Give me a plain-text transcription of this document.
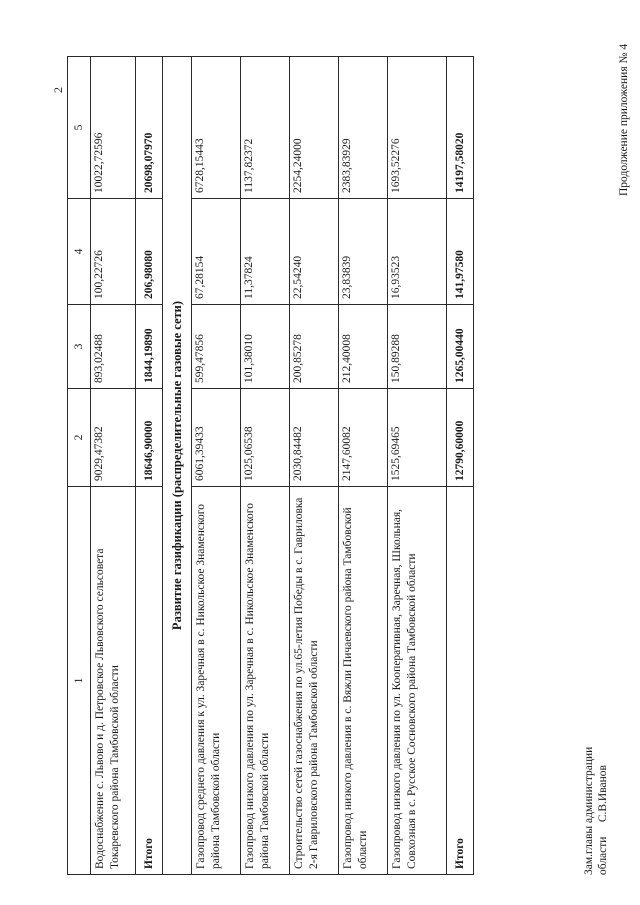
2
1	2	3	4	5
Водоснабжение с. Львово и д. Петровское Львовского сельсовета Токаревского района Тамбовской области	9029,47382	893,02488	100,22726	10022,72596
Итого	18646,90000	1844,19890	206,98080	20698,07970
Развитие газификации (распределительные газовые сети)				
Газопровод среднего давления к ул. Заречная в с. Никольское Знаменского района Тамбовской области	6061,39433	599,47856	67,28154	6728,15443
Газопровод низкого давления по ул. Заречная в с. Никольское Знаменского района Тамбовской области	1025,06538	101,38010	11,37824	1137,82372
Строительство сетей газоснабжения по ул.65-летия Победы в с. Гавриловка 2-я Гавриловского района Тамбовской области	2030,84482	200,85278	22,54240	2254,24000
Газопровод низкого давления в с. Вяжли Пичаевского района Тамбовской области	2147,60082	212,40008	23,83839	2383,83929
Газопровод низкого давления по ул. Кооперативная, Заречная, Школьная, Совхозная в с. Русское Сосновского района Тамбовской области	1525,69465	150,89288	16,93523	1693,52276
Итого	12790,60000	1265,00440	141,97580	14197,58020
Зам.главы администрации области     С.В.Иванов
Продолжение приложения № 4
